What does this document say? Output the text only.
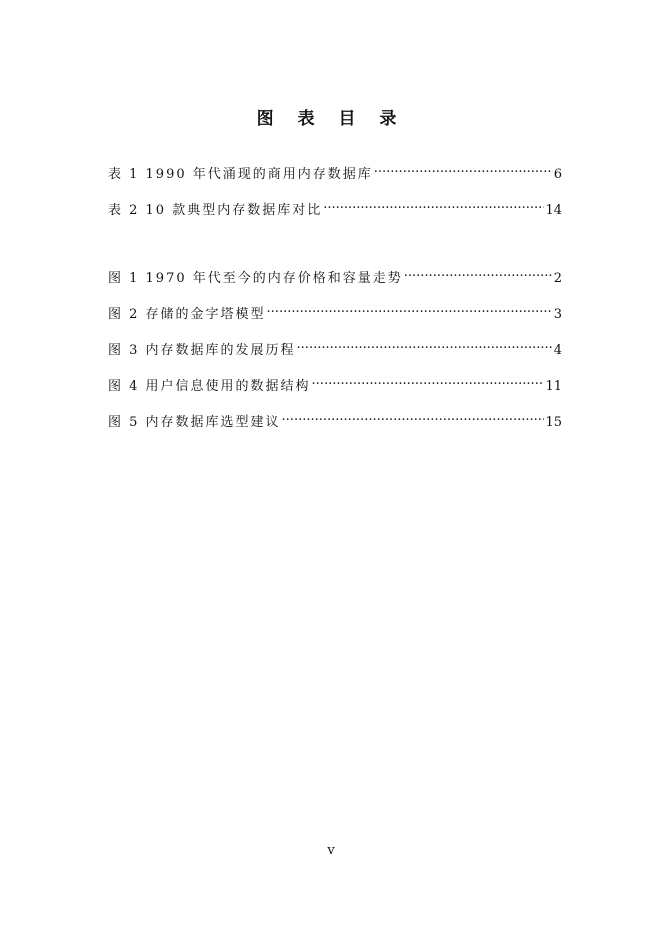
图 表 目 录
表 1 1990 年代涌现的商用内存数据库 .....	6
表 2 10 款典型内存数据库对比 .....	14
图 1 1970 年代至今的内存价格和容量走势 .....	2
图 2 存储的金字塔模型 .....	3
图 3 内存数据库的发展历程 .....	4
图 4 用户信息使用的数据结构 .....	11
图 5 内存数据库选型建议 .....	15
v
